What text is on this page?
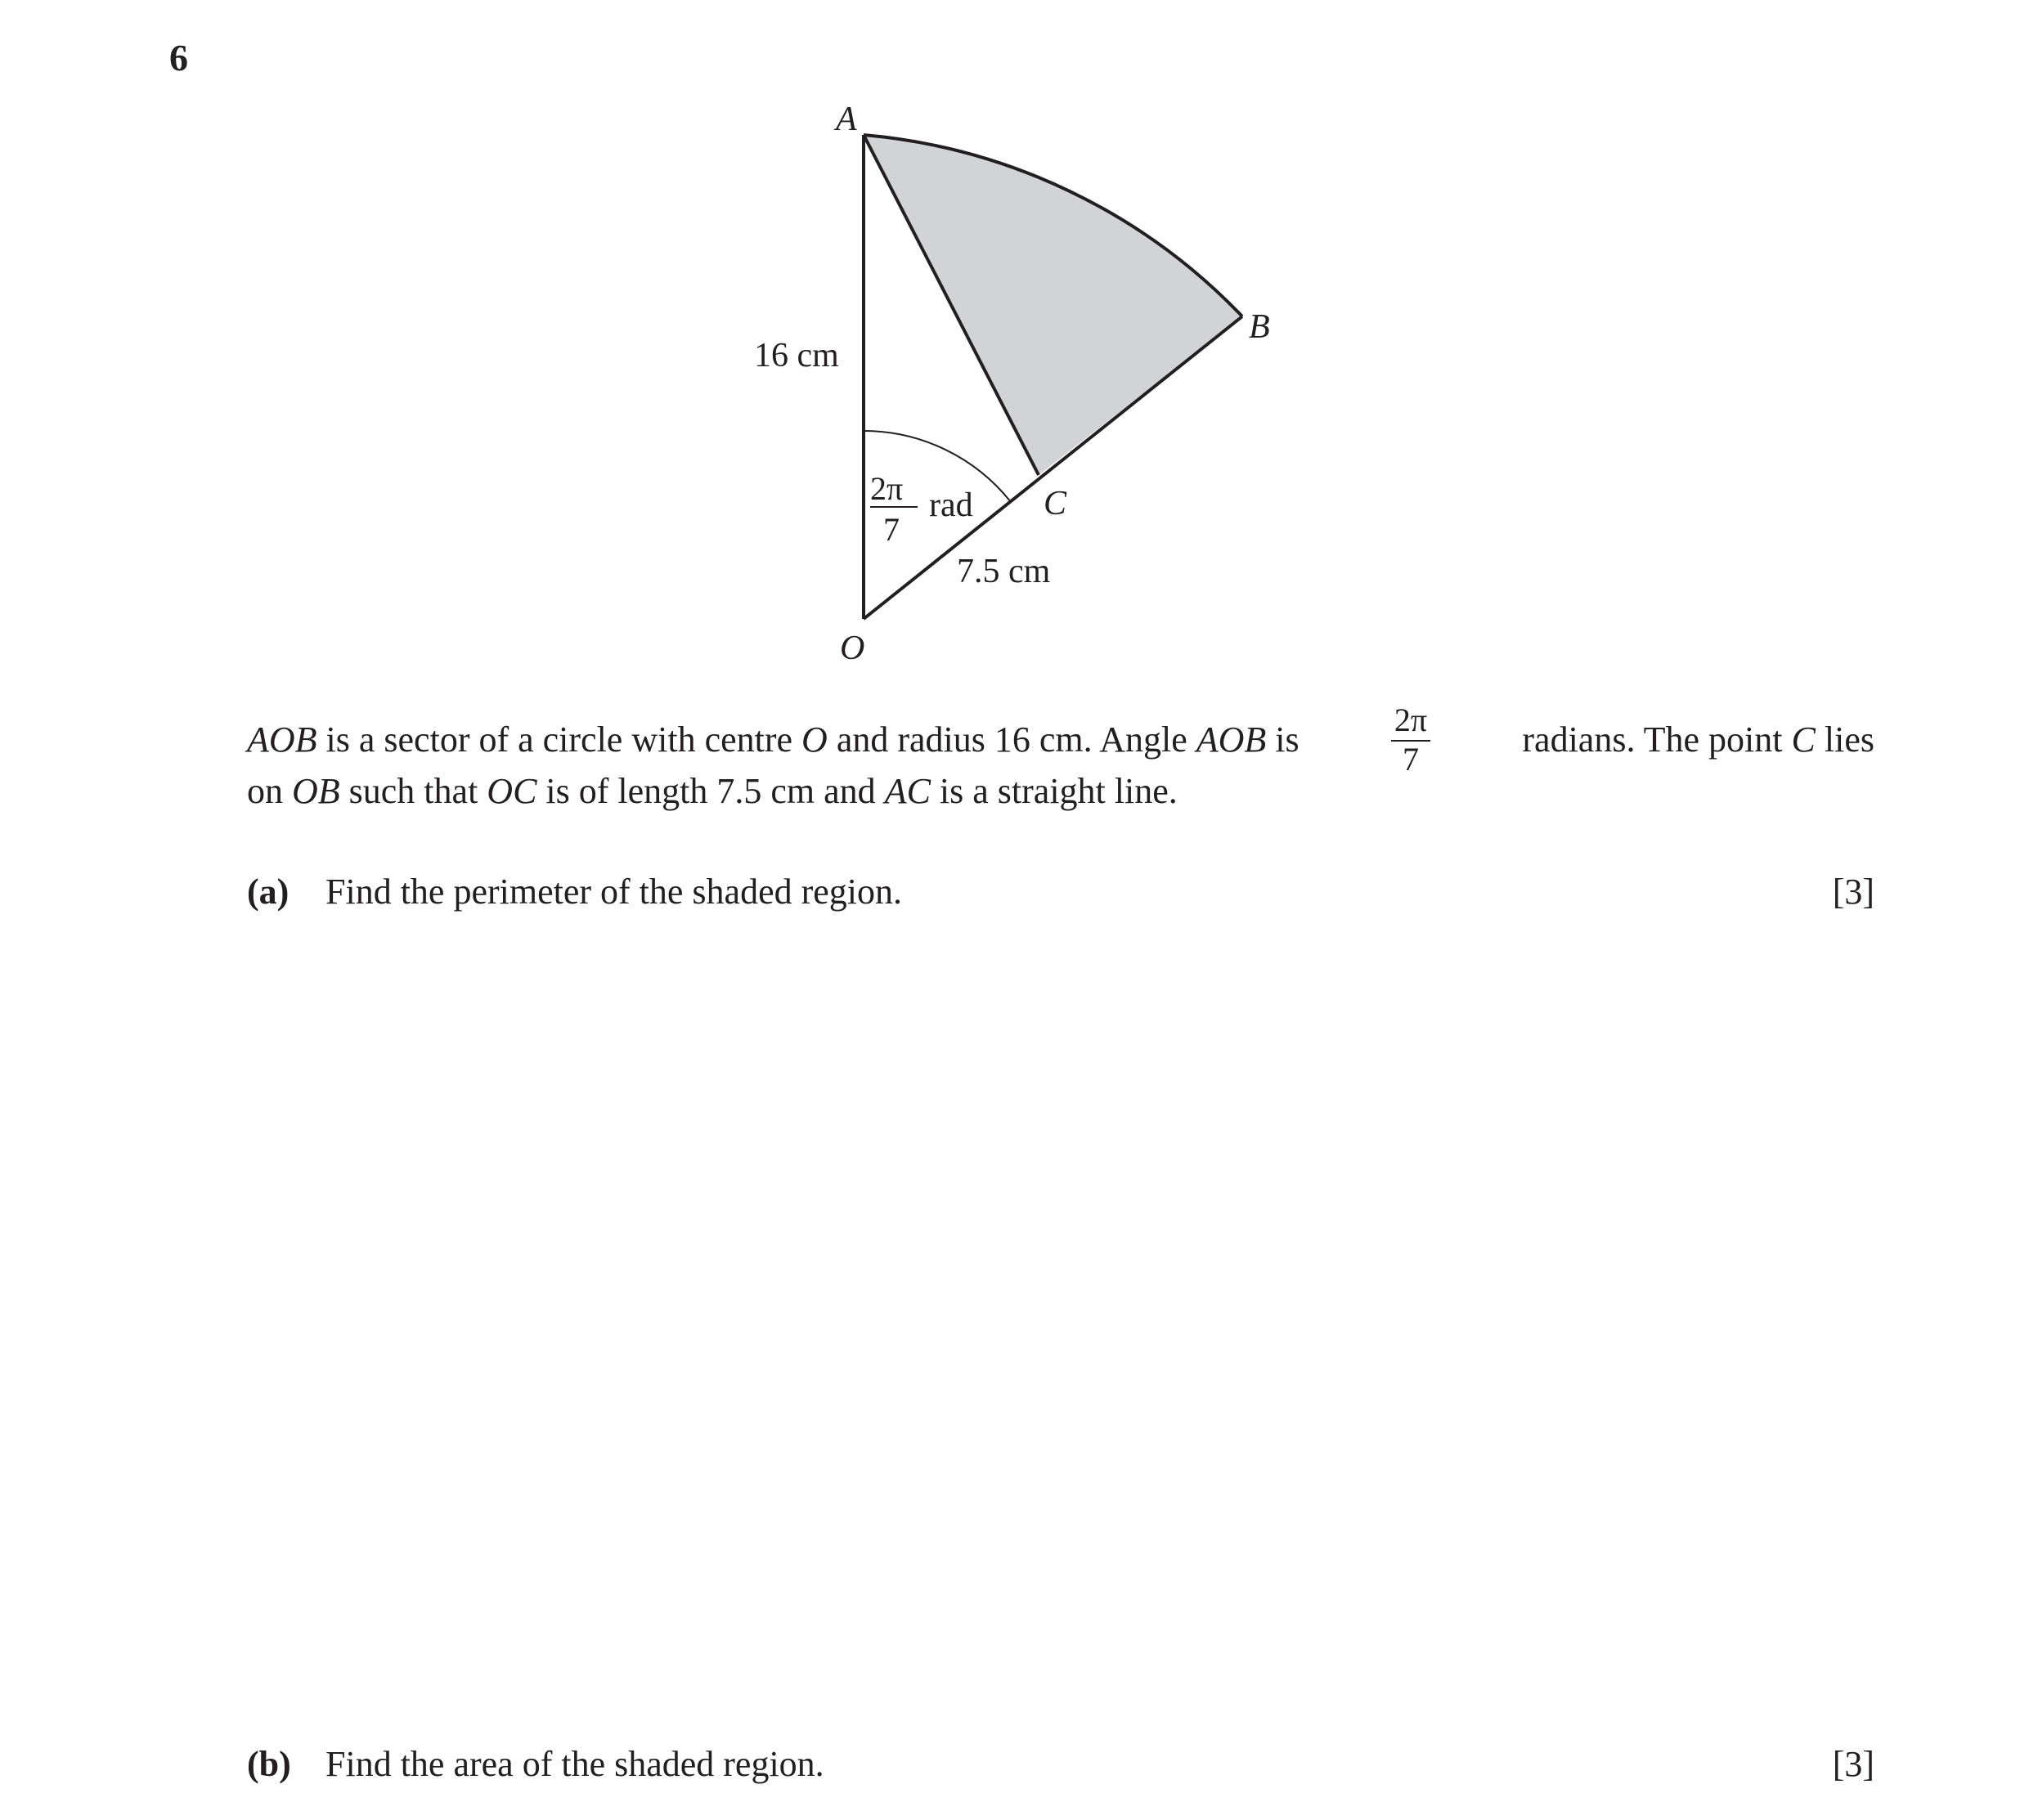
6
A
B
C
O
16 cm
7.5 cm
2π
7
rad
AOB is a sector of a circle with centre O and radius 16 cm. Angle AOB is	$\frac{2\pi}{7}$	radians. The point C lies
on OB such that OC is of length 7.5 cm and AC is a straight line.
(a)	Find the perimeter of the shaded region.	[3]
(b) Find the area of the shaded region.	[3]
